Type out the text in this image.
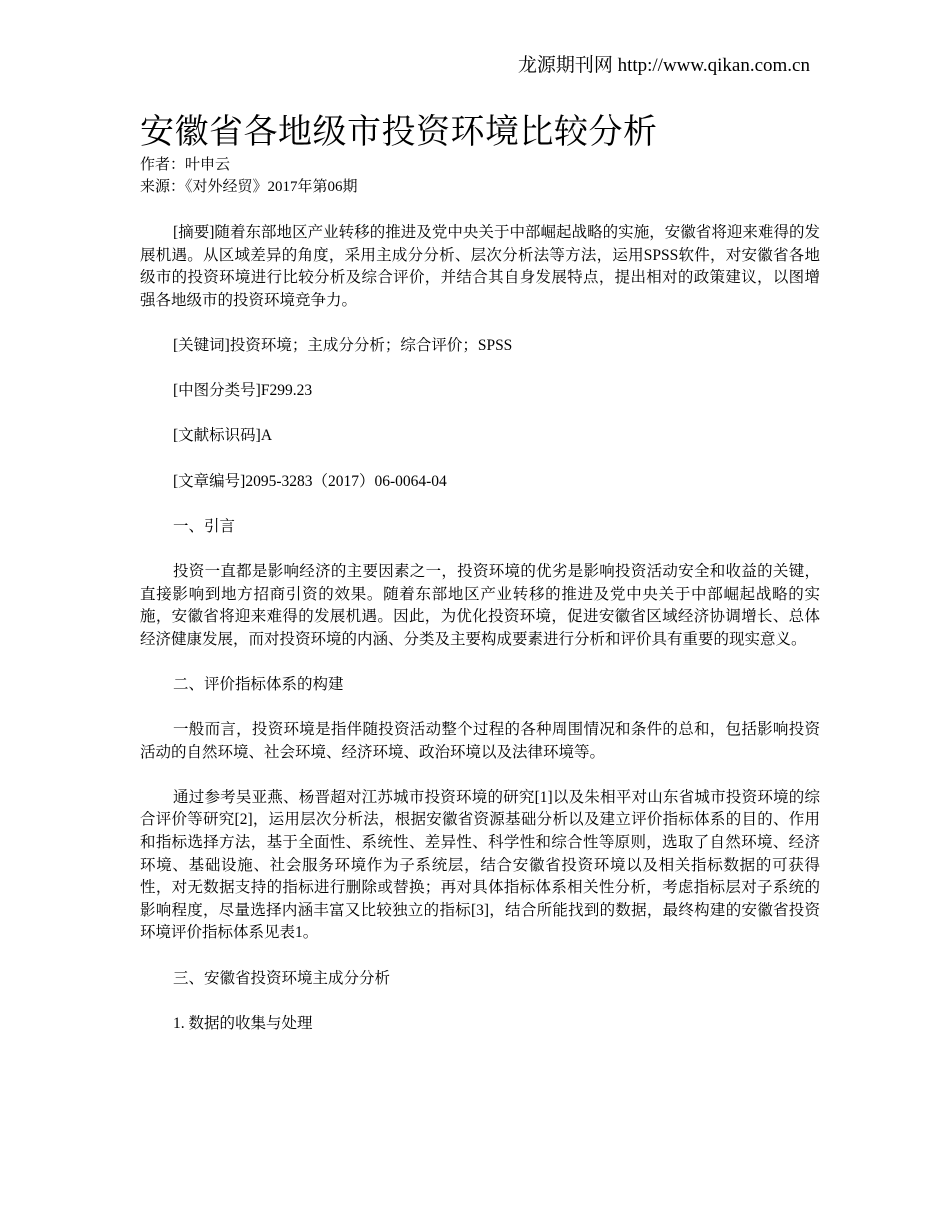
龙源期刊网 http://www.qikan.com.cn
安徽省各地级市投资环境比较分析
作者：叶申云
来源：《对外经贸》2017年第06期

[摘要]随着东部地区产业转移的推进及党中央关于中部崛起战略的实施，安徽省将迎来难得的发展机遇。从区域差异的角度，采用主成分分析、层次分析法等方法，运用SPSS软件，对安徽省各地级市的投资环境进行比较分析及综合评价，并结合其自身发展特点，提出相对的政策建议，以图增强各地级市的投资环境竞争力。

[关键词]投资环境；主成分分析；综合评价；SPSS

[中图分类号]F299.23

[文献标识码]A

[文章编号]2095-3283（2017）06-0064-04

一、引言

投资一直都是影响经济的主要因素之一，投资环境的优劣是影响投资活动安全和收益的关键，直接影响到地方招商引资的效果。随着东部地区产业转移的推进及党中央关于中部崛起战略的实施，安徽省将迎来难得的发展机遇。因此，为优化投资环境，促进安徽省区域经济协调增长、总体经济健康发展，而对投资环境的内涵、分类及主要构成要素进行分析和评价具有重要的现实意义。

二、评价指标体系的构建

一般而言，投资环境是指伴随投资活动整个过程的各种周围情况和条件的总和，包括影响投资活动的自然环境、社会环境、经济环境、政治环境以及法律环境等。

通过参考吴亚燕、杨晋超对江苏城市投资环境的研究[1]以及朱相平对山东省城市投资环境的综合评价等研究[2]，运用层次分析法，根据安徽省资源基础分析以及建立评价指标体系的目的、作用和指标选择方法，基于全面性、系统性、差异性、科学性和综合性等原则，选取了自然环境、经济环境、基础设施、社会服务环境作为子系统层，结合安徽省投资环境以及相关指标数据的可获得性，对无数据支持的指标进行删除或替换；再对具体指标体系相关性分析，考虑指标层对子系统的影响程度，尽量选择内涵丰富又比较独立的指标[3]，结合所能找到的数据，最终构建的安徽省投资环境评价指标体系见表1。

三、安徽省投资环境主成分分析

1. 数据的收集与处理
